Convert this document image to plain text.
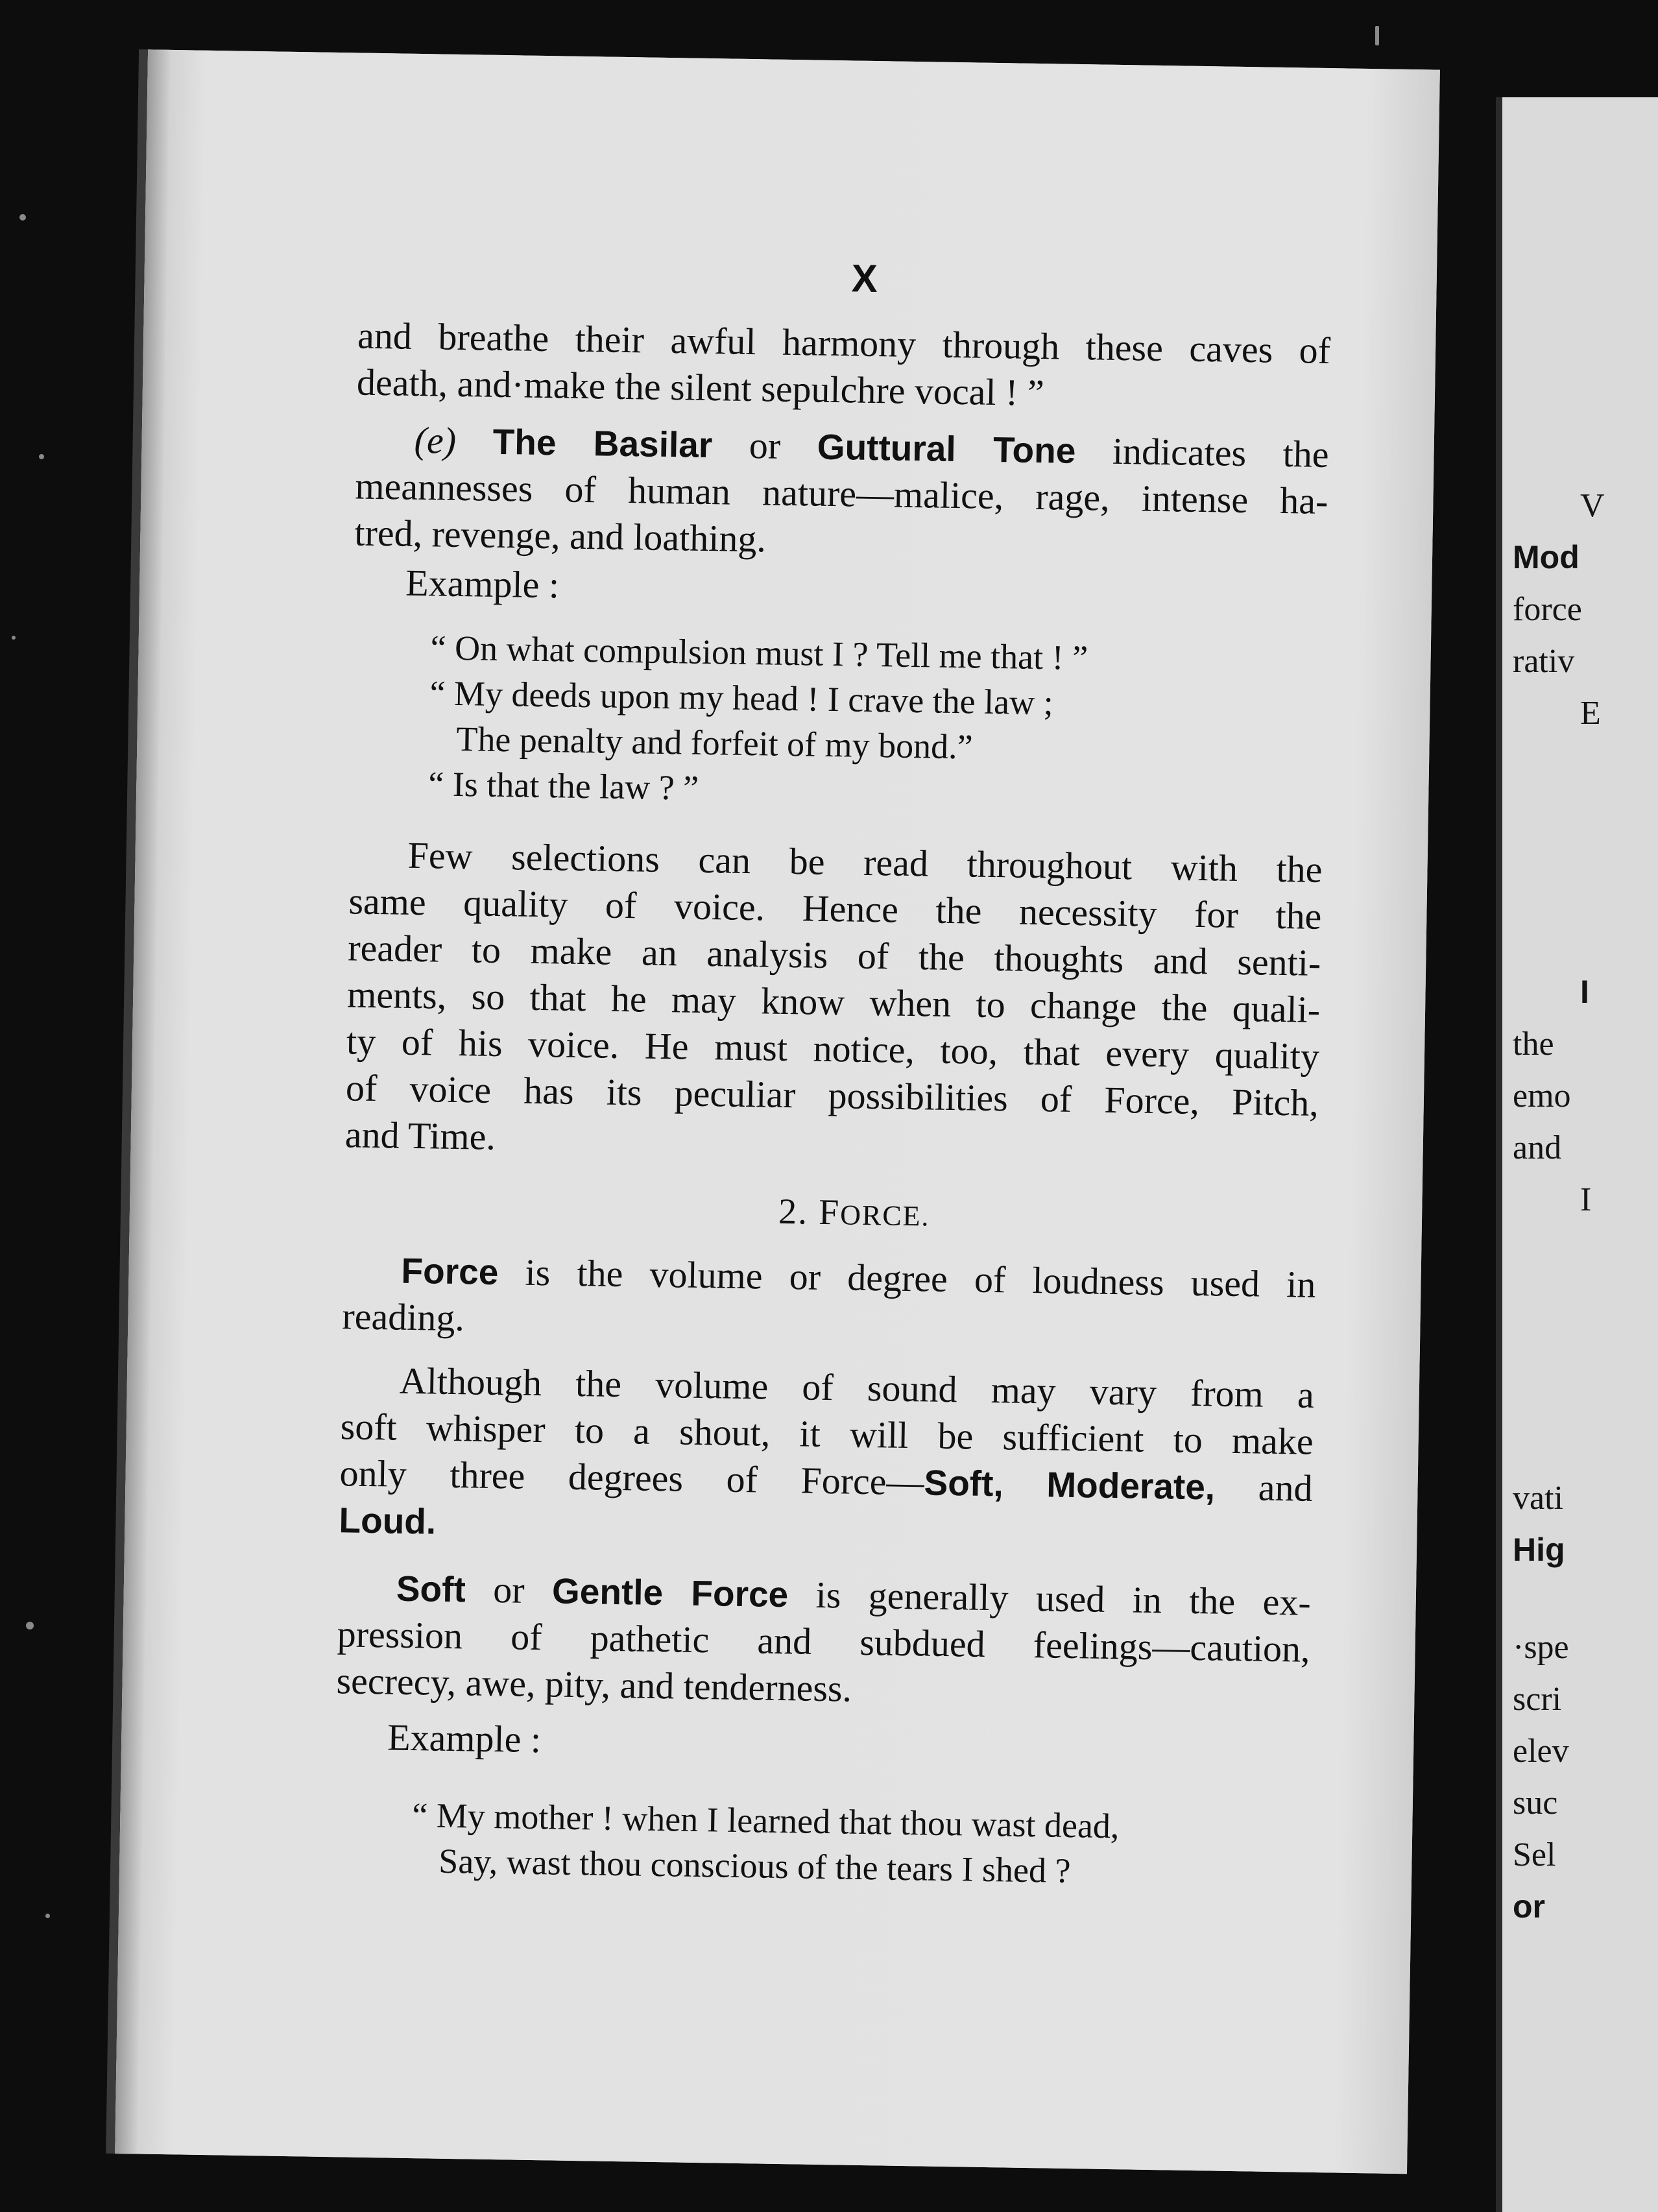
X
and breathe their awful harmony through these caves of
death, and·make the silent sepulchre vocal ! ”
(e) The Basilar or Guttural Tone indicates the
meannesses of human nature—malice, rage, intense ha-
tred, revenge, and loathing.
Example :
“ On what compulsion must I ? Tell me that ! ”
“ My deeds upon my head ! I crave the law ;
The penalty and forfeit of my bond.”
“ Is that the law ? ”
Few selections can be read throughout with the
same quality of voice. Hence the necessity for the
reader to make an analysis of the thoughts and senti-
ments, so that he may know when to change the quali-
ty of his voice. He must notice, too, that every quality
of voice has its peculiar possibilities of Force, Pitch,
and Time.
2. FORCE.
Force is the volume or degree of loudness used in
reading.
Although the volume of sound may vary from a
soft whisper to a shout, it will be sufficient to make
only three degrees of Force—Soft, Moderate, and
Loud.
Soft or Gentle Force is generally used in the ex-
pression of pathetic and subdued feelings—caution,
secrecy, awe, pity, and tenderness.
Example :
“ My mother ! when I learned that thou wast dead,
Say, wast thou conscious of the tears I shed ?
V
Mod
force
rativ
E
I
the
emo
and
I
vati
Hig
·spe
scri
elev
suc
Sel
or
